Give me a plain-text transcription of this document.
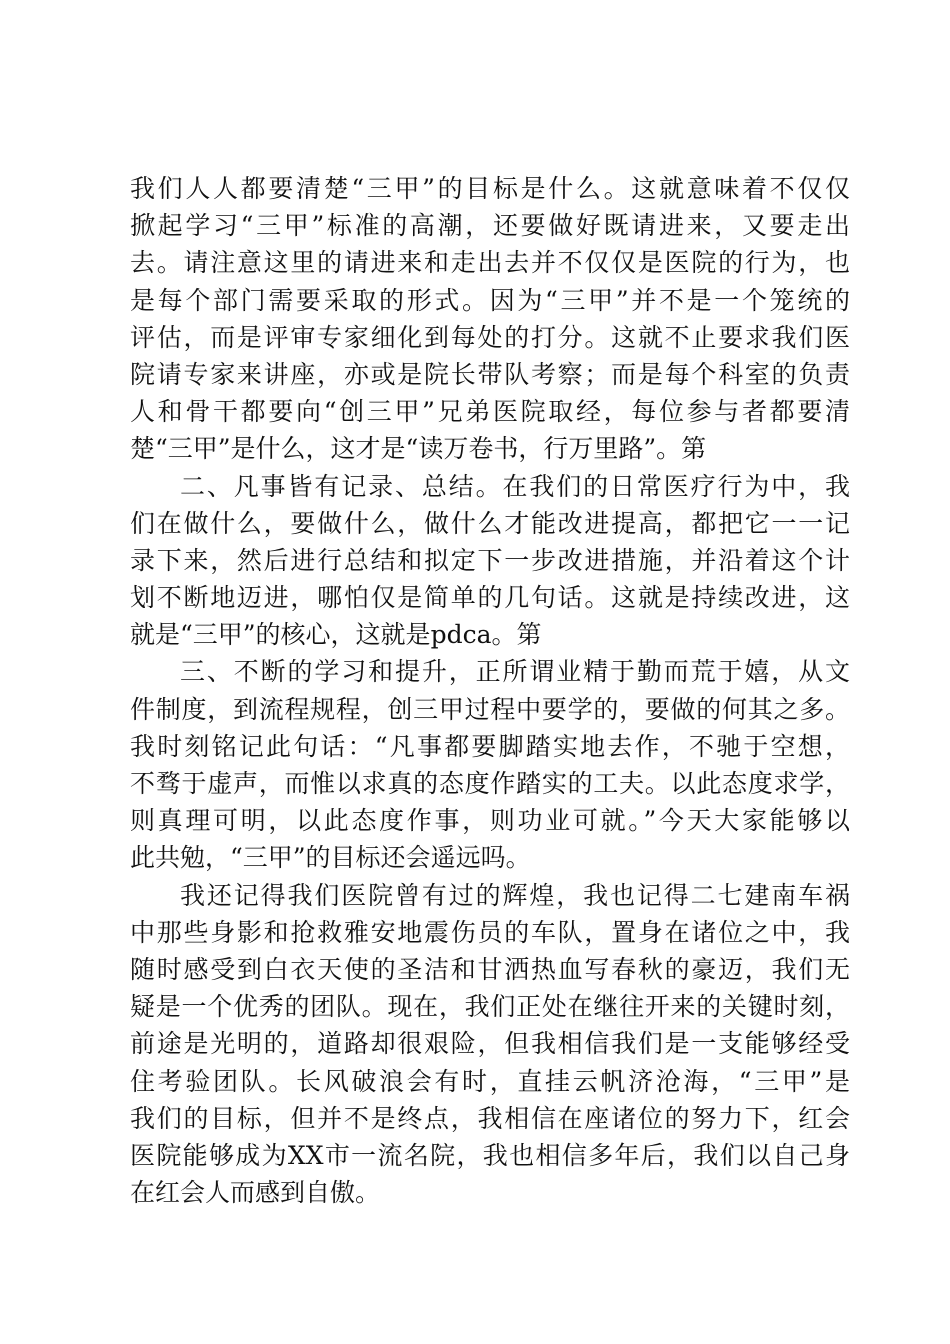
我们人人都要清楚“三甲”的目标是什么。这就意味着不仅仅
掀起学习“三甲”标准的高潮，还要做好既请进来，又要走出
去。请注意这里的请进来和走出去并不仅仅是医院的行为，也
是每个部门需要采取的形式。因为“三甲”并不是一个笼统的
评估，而是评审专家细化到每处的打分。这就不止要求我们医
院请专家来讲座，亦或是院长带队考察；而是每个科室的负责
人和骨干都要向“创三甲”兄弟医院取经，每位参与者都要清
楚“三甲”是什么，这才是“读万卷书，行万里路”。第
二、凡事皆有记录、总结。在我们的日常医疗行为中，我
们在做什么，要做什么，做什么才能改进提高，都把它一一记
录下来，然后进行总结和拟定下一步改进措施，并沿着这个计
划不断地迈进，哪怕仅是简单的几句话。这就是持续改进，这
就是“三甲”的核心，这就是pdca。第
三、不断的学习和提升，正所谓业精于勤而荒于嬉，从文
件制度，到流程规程，创三甲过程中要学的，要做的何其之多。
我时刻铭记此句话：“凡事都要脚踏实地去作，不驰于空想，
不骛于虚声，而惟以求真的态度作踏实的工夫。以此态度求学，
则真理可明，以此态度作事，则功业可就。”今天大家能够以
此共勉，“三甲”的目标还会遥远吗。
我还记得我们医院曾有过的辉煌，我也记得二七建南车祸
中那些身影和抢救雅安地震伤员的车队，置身在诸位之中，我
随时感受到白衣天使的圣洁和甘洒热血写春秋的豪迈，我们无
疑是一个优秀的团队。现在，我们正处在继往开来的关键时刻，
前途是光明的，道路却很艰险，但我相信我们是一支能够经受
住考验团队。长风破浪会有时，直挂云帆济沧海，“三甲”是
我们的目标，但并不是终点，我相信在座诸位的努力下，红会
医院能够成为XX市一流名院，我也相信多年后，我们以自己身
在红会人而感到自傲。
